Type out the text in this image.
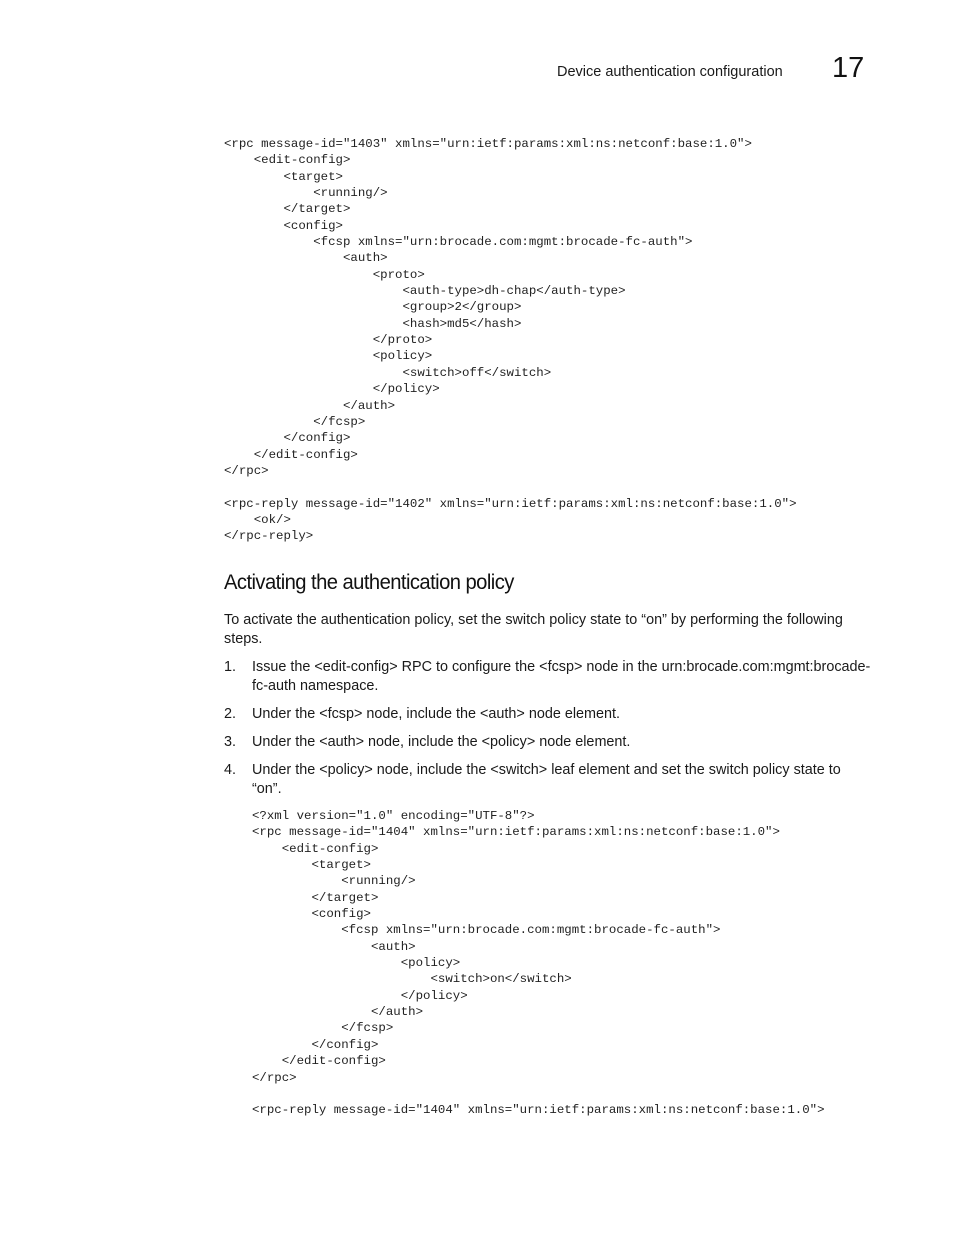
Device authentication configuration 17
<rpc message-id="1403" xmlns="urn:ietf:params:xml:ns:netconf:base:1.0">
<edit-config>
<target>
<running/>
</target>
<config>
<fcsp xmlns="urn:brocade.com:mgmt:brocade-fc-auth">
<auth>
<proto>
<auth-type>dh-chap</auth-type>
<group>2</group>
<hash>md5</hash>
</proto>
<policy>
<switch>off</switch>
</policy>
</auth>
</fcsp>
</config>
</edit-config>
</rpc>
<rpc-reply message-id="1402" xmlns="urn:ietf:params:xml:ns:netconf:base:1.0">
<ok/>
</rpc-reply>
Activating the authentication policy

To activate the authentication policy, set the switch policy state to “on” by performing the following steps.

1. Issue the <edit-config> RPC to configure the <fcsp> node in the urn:brocade.com:mgmt:brocade-fc-auth namespace.
2. Under the <fcsp> node, include the <auth> node element.
3. Under the <auth> node, include the <policy> node element.
4. Under the <policy> node, include the <switch> leaf element and set the switch policy state to “on”.
<?xml version="1.0" encoding="UTF-8"?>
<rpc message-id="1404" xmlns="urn:ietf:params:xml:ns:netconf:base:1.0">
<edit-config>
<target>
<running/>
</target>
<config>
<fcsp xmlns="urn:brocade.com:mgmt:brocade-fc-auth">
<auth>
<policy>
<switch>on</switch>
</policy>
</auth>
</fcsp>
</config>
</edit-config>
</rpc>
<rpc-reply message-id="1404" xmlns="urn:ietf:params:xml:ns:netconf:base:1.0">
